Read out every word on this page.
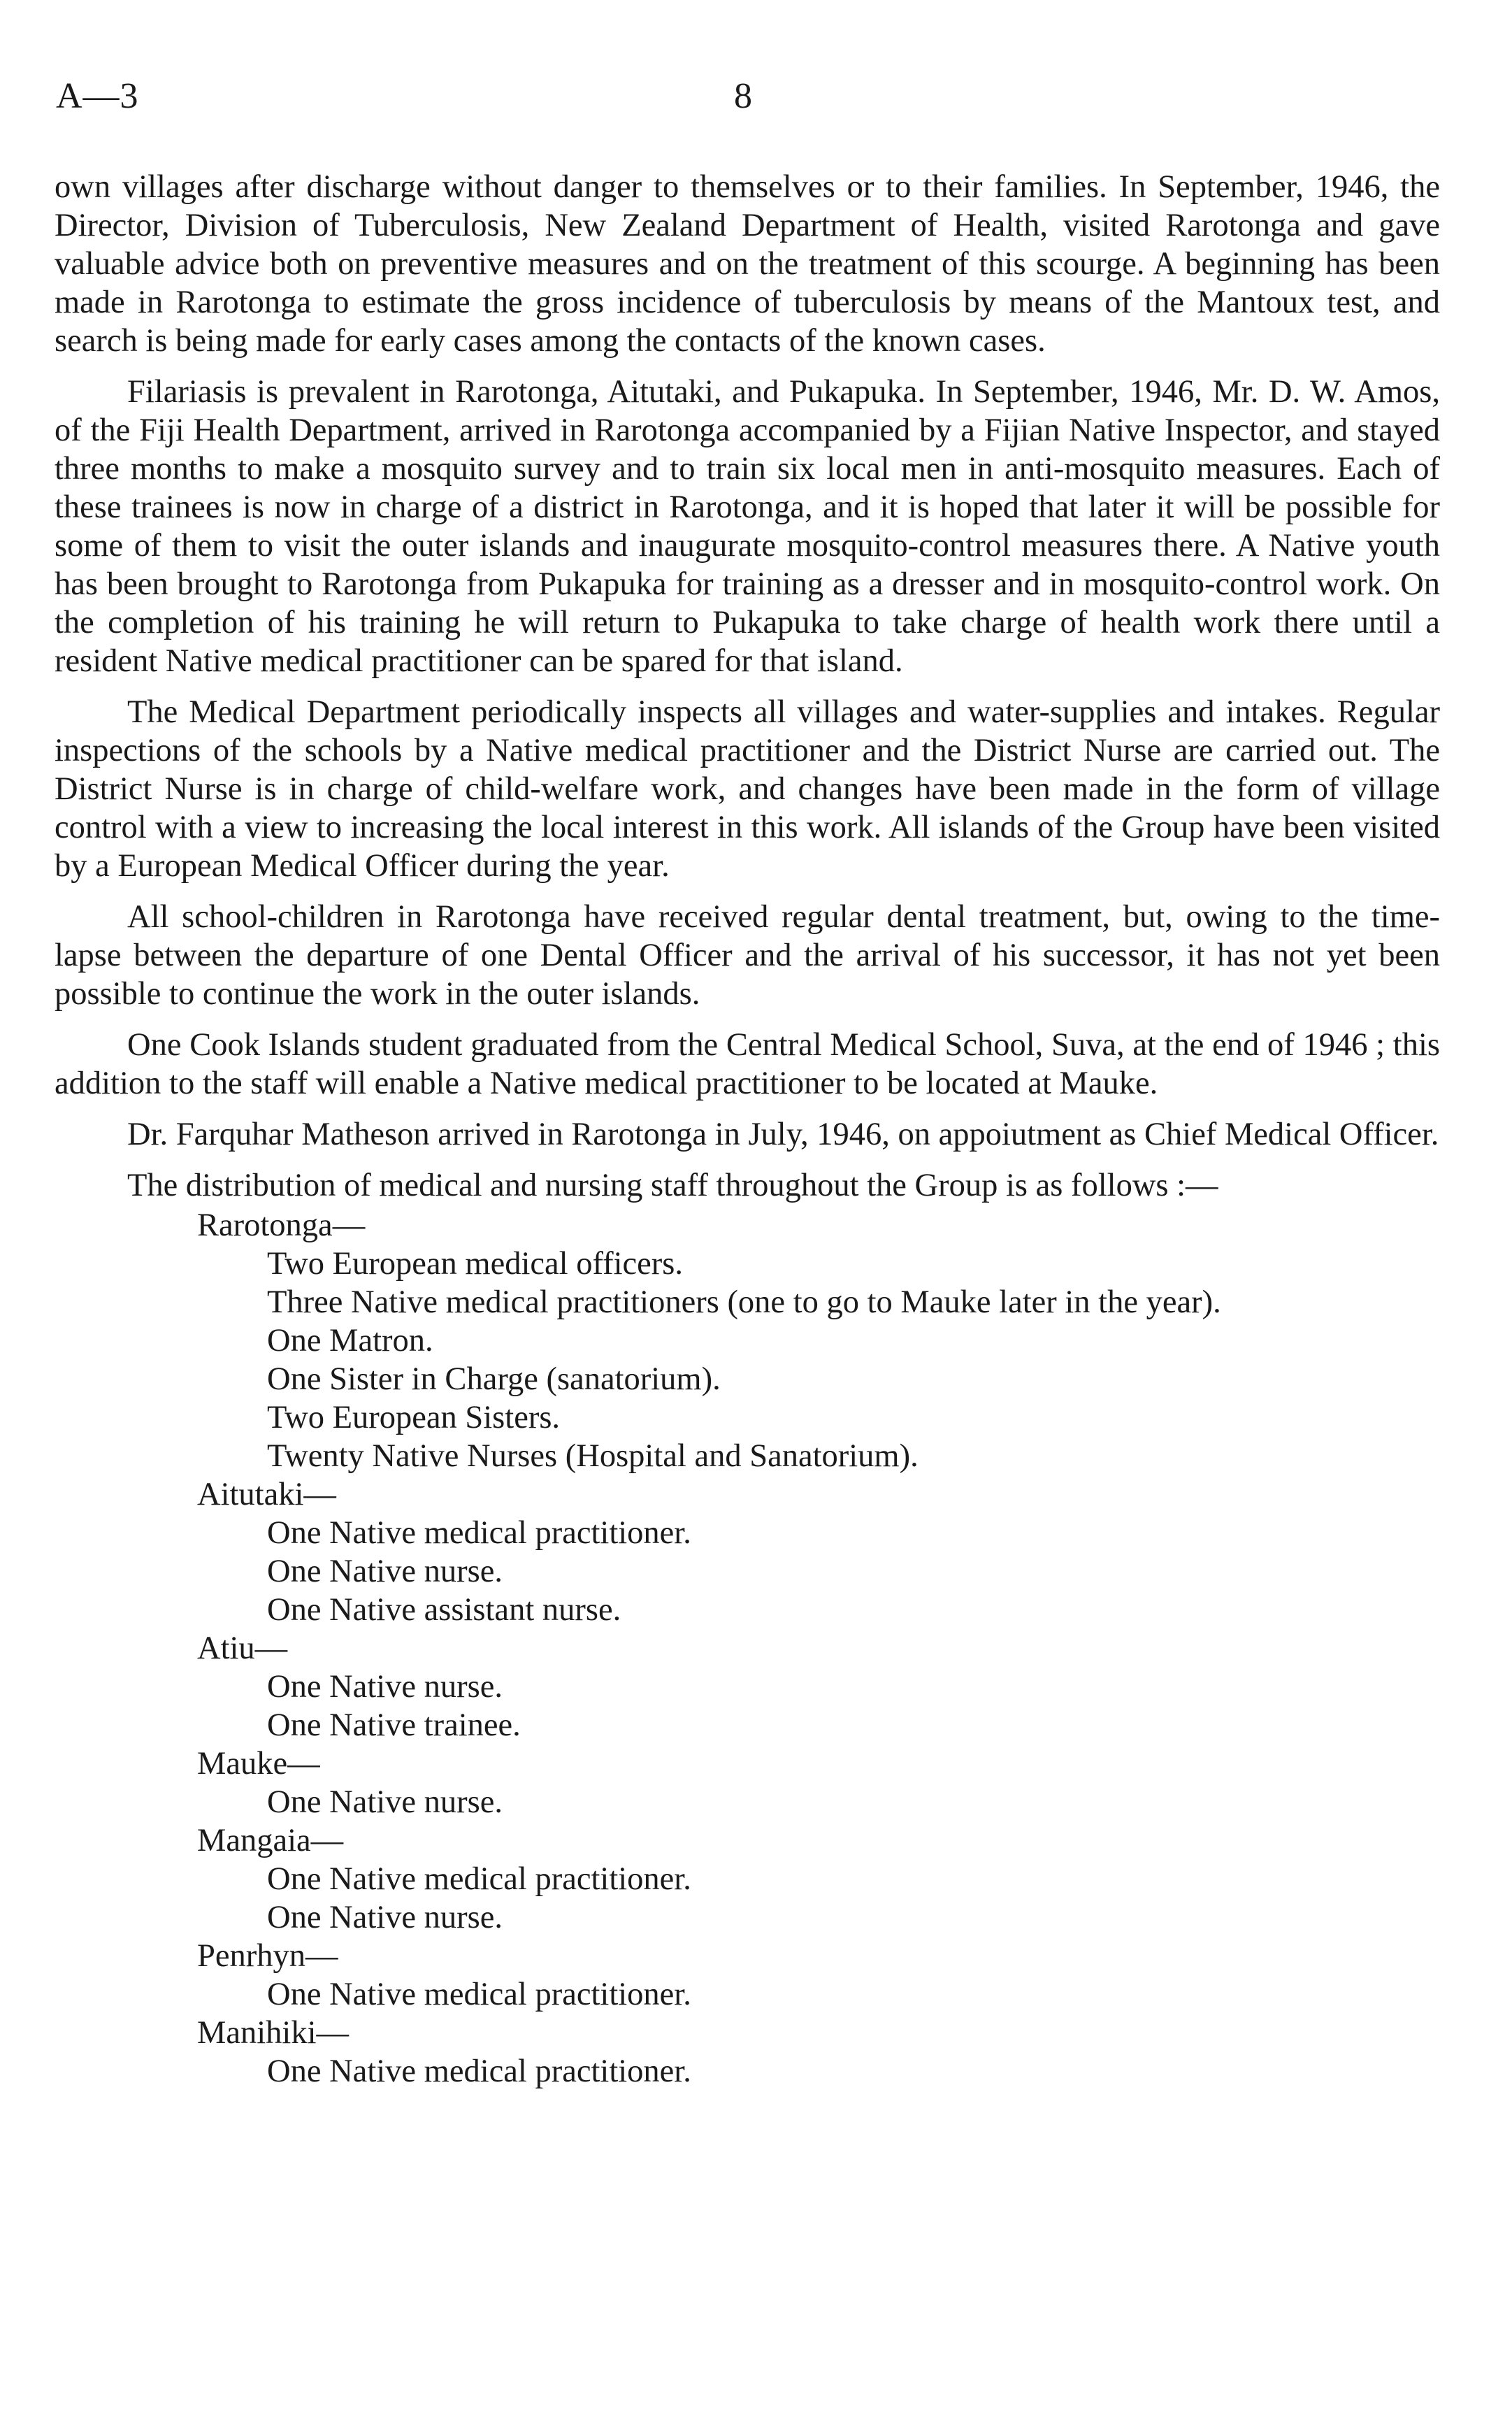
A—3	8

own villages after discharge without danger to themselves or to their families. In September, 1946, the Director, Division of Tuberculosis, New Zealand Department of Health, visited Rarotonga and gave valuable advice both on preventive measures and on the treatment of this scourge. A beginning has been made in Rarotonga to estimate the gross incidence of tuberculosis by means of the Mantoux test, and search is being made for early cases among the contacts of the known cases.

Filariasis is prevalent in Rarotonga, Aitutaki, and Pukapuka. In September, 1946, Mr. D. W. Amos, of the Fiji Health Department, arrived in Rarotonga accompanied by a Fijian Native Inspector, and stayed three months to make a mosquito survey and to train six local men in anti-mosquito measures. Each of these trainees is now in charge of a district in Rarotonga, and it is hoped that later it will be possible for some of them to visit the outer islands and inaugurate mosquito-control measures there. A Native youth has been brought to Rarotonga from Pukapuka for training as a dresser and in mosquito-control work. On the completion of his training he will return to Pukapuka to take charge of health work there until a resident Native medical practitioner can be spared for that island.

The Medical Department periodically inspects all villages and water-supplies and intakes. Regular inspections of the schools by a Native medical practitioner and the District Nurse are carried out. The District Nurse is in charge of child-welfare work, and changes have been made in the form of village control with a view to increasing the local interest in this work. All islands of the Group have been visited by a European Medical Officer during the year.

All school-children in Rarotonga have received regular dental treatment, but, owing to the time-lapse between the departure of one Dental Officer and the arrival of his successor, it has not yet been possible to continue the work in the outer islands.

One Cook Islands student graduated from the Central Medical School, Suva, at the end of 1946 ; this addition to the staff will enable a Native medical practitioner to be located at Mauke.

Dr. Farquhar Matheson arrived in Rarotonga in July, 1946, on appoiutment as Chief Medical Officer.

The distribution of medical and nursing staff throughout the Group is as follows :—

Rarotonga—

Two European medical officers.

Three Native medical practitioners (one to go to Mauke later in the year).

One Matron.

One Sister in Charge (sanatorium).

Two European Sisters.

Twenty Native Nurses (Hospital and Sanatorium).

Aitutaki—

One Native medical practitioner.

One Native nurse.

One Native assistant nurse.

Atiu—

One Native nurse.

One Native trainee.

Mauke—

One Native nurse.

Mangaia—

One Native medical practitioner.

One Native nurse.

Penrhyn—

One Native medical practitioner.

Manihiki—

One Native medical practitioner.
